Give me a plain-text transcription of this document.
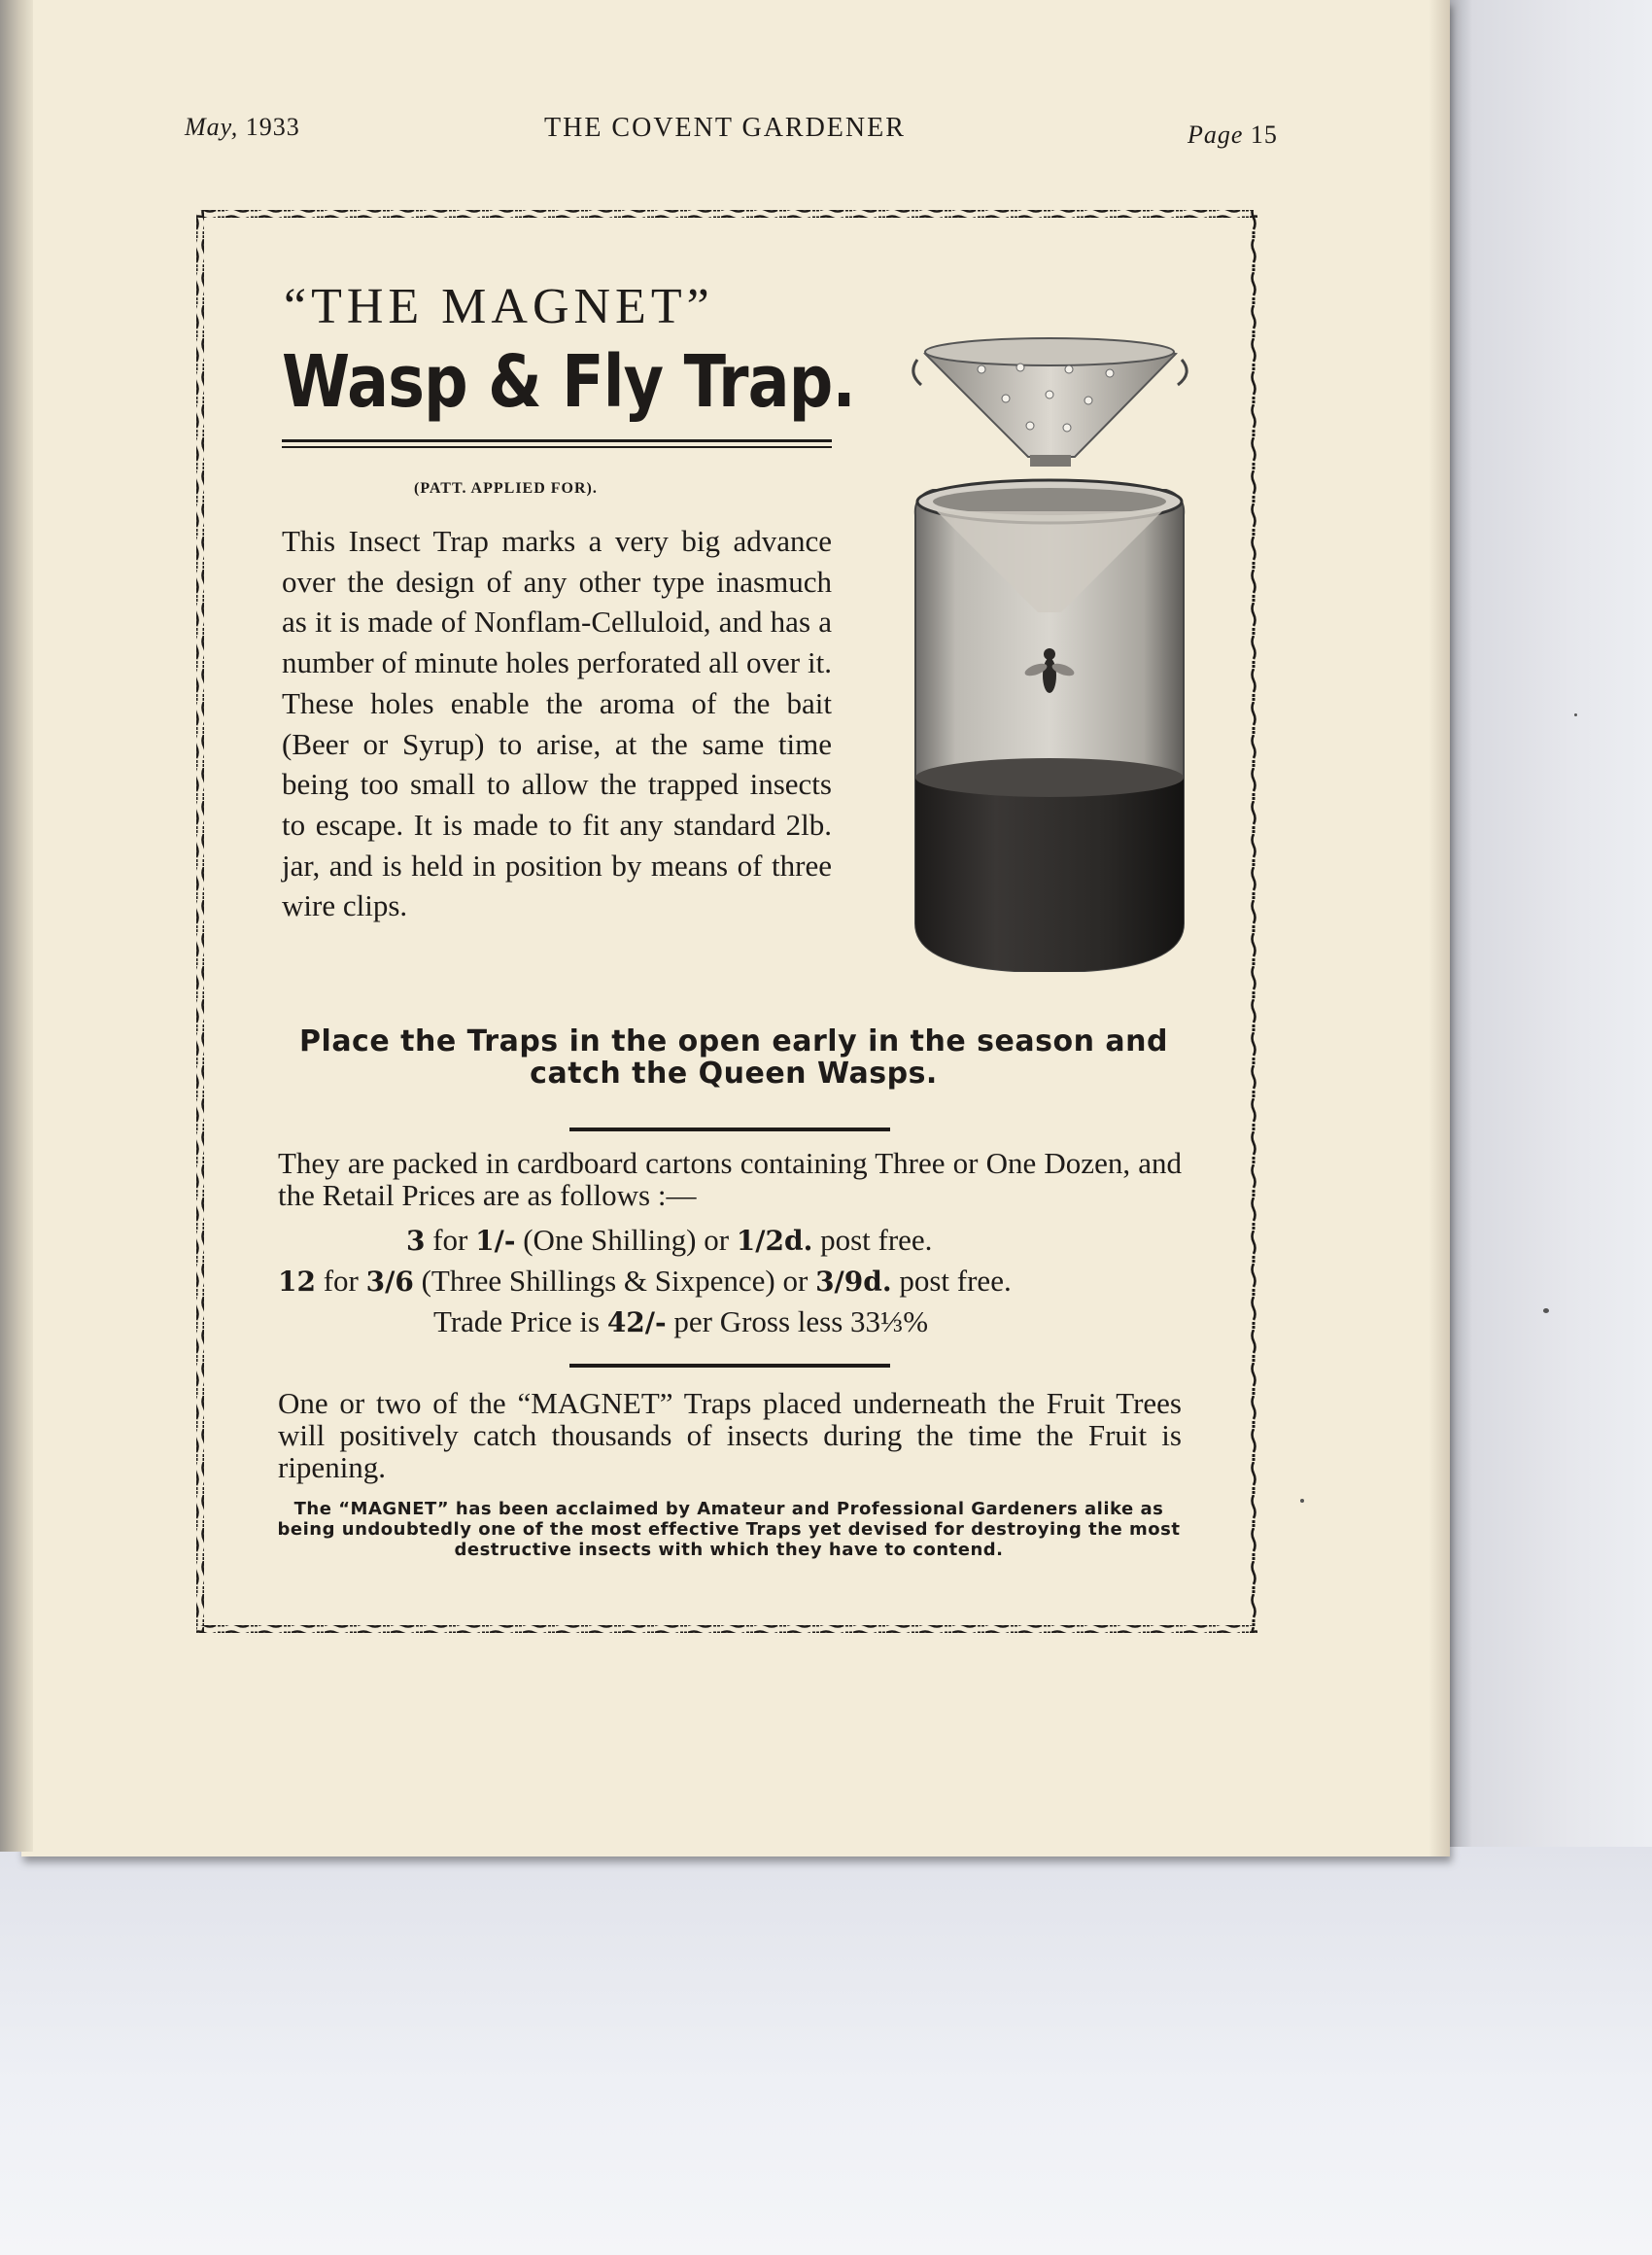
May, 1933	THE COVENT GARDENER	Page 15
“THE MAGNET”
Wasp & Fly Trap.
(PATT. APPLIED FOR).
This Insect Trap marks a very big advance over the design of any other type inasmuch as it is made of Nonflam-Celluloid, and has a number of minute holes perforated all over it. These holes enable the aroma of the bait (Beer or Syrup) to arise, at the same time being too small to allow the trapped insects to escape. It is made to fit any standard 2lb. jar, and is held in position by means of three wire clips.
Place the Traps in the open early in the season and catch the Queen Wasps.
They are packed in cardboard cartons containing Three or One Dozen, and the Retail Prices are as follows :—
3 for 1/- (One Shilling) or 1/2d. post free.
12 for 3/6 (Three Shillings & Sixpence) or 3/9d. post free.
Trade Price is 42/- per Gross less 33⅓%
One or two of the “MAGNET” Traps placed underneath the Fruit Trees will positively catch thousands of insects during the time the Fruit is ripening.
The “MAGNET” has been acclaimed by Amateur and Professional Gardeners alike as being undoubtedly one of the most effective Traps yet devised for destroying the most destructive insects with which they have to contend.
